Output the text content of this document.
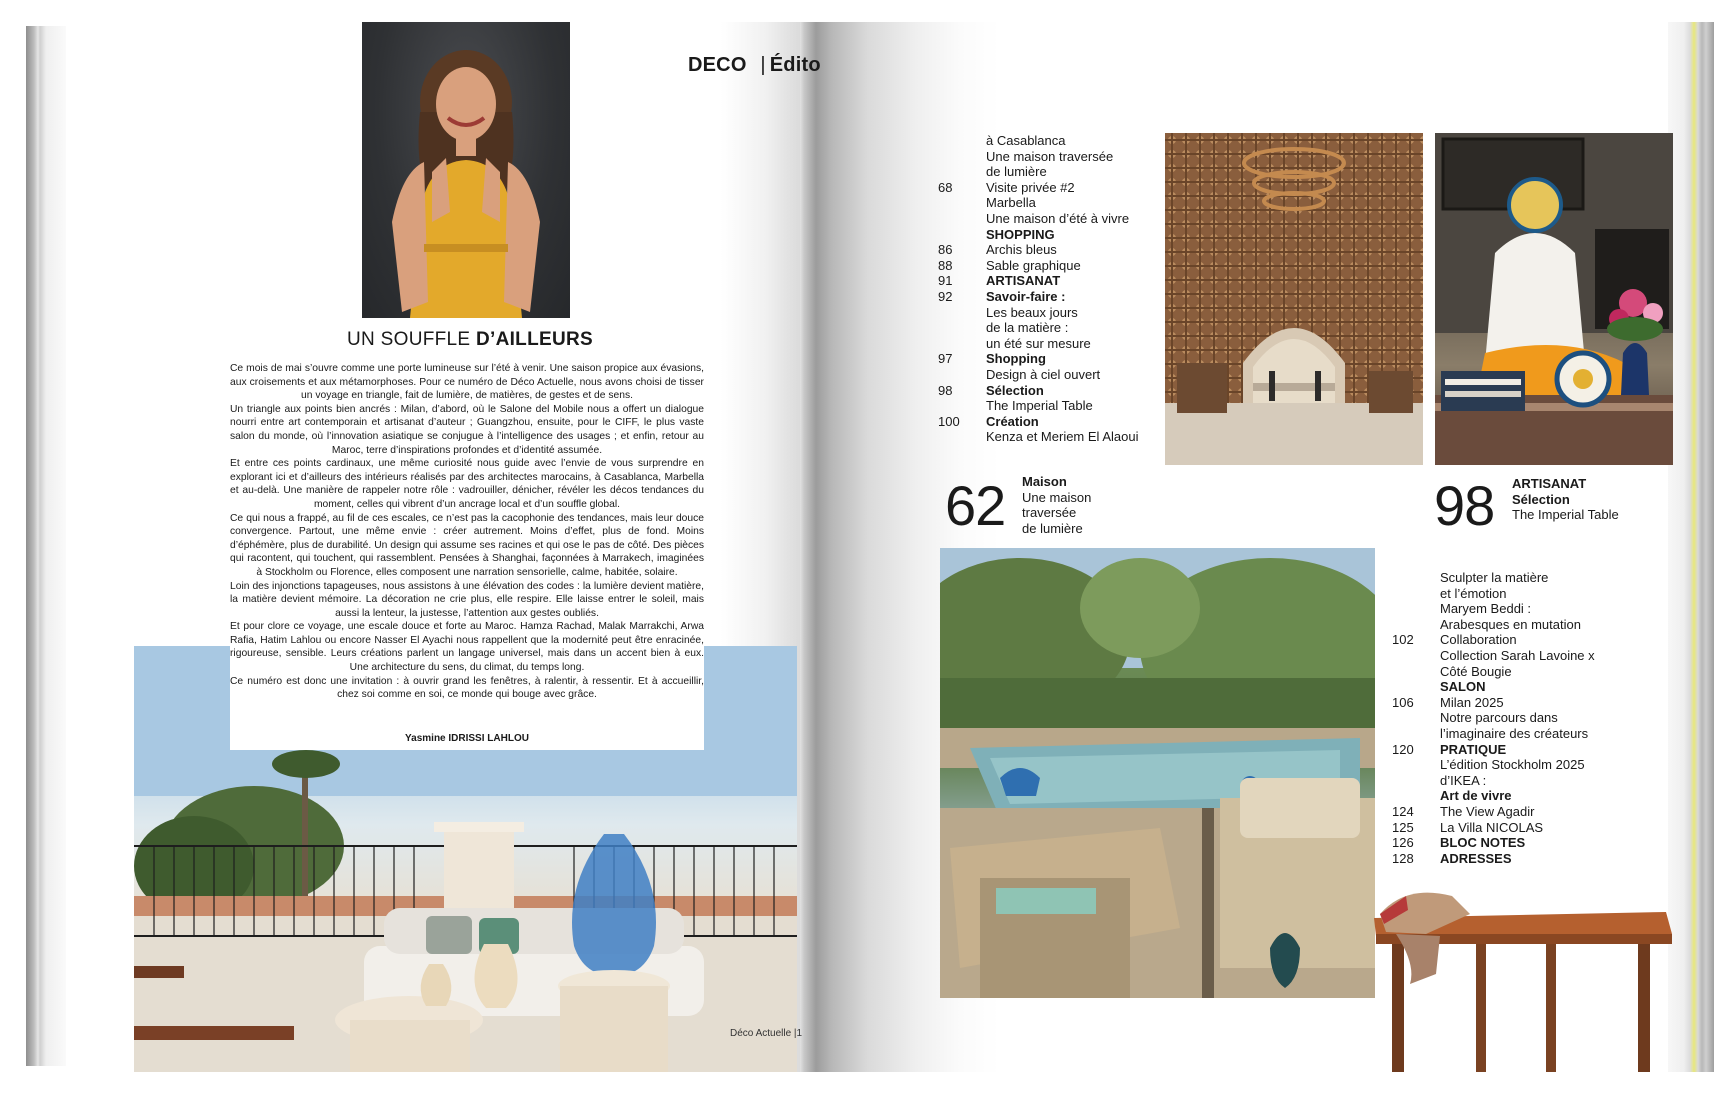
DECO | Édito
UN SOUFFLE D’AILLEURS

Ce mois de mai s’ouvre comme une porte lumineuse sur l’été à venir. Une saison propice aux évasions, aux croisements et aux métamorphoses. Pour ce numéro de Déco Actuelle, nous avons choisi de tisser un voyage en triangle, fait de lumière, de matières, de gestes et de sens.

Un triangle aux points bien ancrés : Milan, d’abord, où le Salone del Mobile nous a offert un dialogue nourri entre art contemporain et artisanat d’auteur ; Guangzhou, ensuite, pour le CIFF, le plus vaste salon du monde, où l’innovation asiatique se conjugue à l’intelligence des usages ; et enfin, retour au Maroc, terre d’inspirations profondes et d’identité assumée.

Et entre ces points cardinaux, une même curiosité nous guide avec l’envie de vous surprendre en explorant ici et d’ailleurs des intérieurs réalisés par des architectes marocains, à Casablanca, Marbella et au-delà. Une manière de rappeler notre rôle : vadrouiller, dénicher, révéler les décos tendances du moment, celles qui vibrent d’un ancrage local et d’un souffle global.

Ce qui nous a frappé, au fil de ces escales, ce n’est pas la cacophonie des tendances, mais leur douce convergence. Partout, une même envie : créer autrement. Moins d’effet, plus de fond. Moins d’éphémère, plus de durabilité. Un design qui assume ses racines et qui ose le pas de côté. Des pièces qui racontent, qui touchent, qui rassemblent. Pensées à Shanghai, façonnées à Marrakech, imaginées à Stockholm ou Florence, elles composent une narration sensorielle, calme, habitée, solaire.

Loin des injonctions tapageuses, nous assistons à une élévation des codes : la lumière devient matière, la matière devient mémoire. La décoration ne crie plus, elle respire. Elle laisse entrer le soleil, mais aussi la lenteur, la justesse, l’attention aux gestes oubliés.

Et pour clore ce voyage, une escale douce et forte au Maroc. Hamza Rachad, Malak Marrakchi, Arwa Rafia, Hatim Lahlou ou encore Nasser El Ayachi nous rappellent que la modernité peut être enracinée, rigoureuse, sensible. Leurs créations parlent un langage universel, mais dans un accent bien à eux. Une architecture du sens, du climat, du temps long.

Ce numéro est donc une invitation : à ouvrir grand les fenêtres, à ralentir, à ressentir. Et à accueillir, chez soi comme en soi, ce monde qui bouge avec grâce.

Yasmine IDRISSI LAHLOU
Déco Actuelle |1
à Casablanca
Une maison traversée
de lumière
68	Visite privée #2
Marbella
Une maison d’été à vivre
SHOPPING
86	Archis bleus
88	Sable graphique
91	ARTISANAT
92	Savoir-faire :
Les beaux jours
de la matière :
un été sur mesure
97	Shopping
Design à ciel ouvert
98	Sélection
The Imperial Table
100	Création
Kenza et Meriem El Alaoui
62 Maison
Une maison
traversée
de lumière	98 ARTISANAT
Sélection
The Imperial Table
Sculpter la matière
et l’émotion
Maryem Beddi :
Arabesques en mutation
102	Collaboration
Collection Sarah Lavoine x
Côté Bougie
SALON
106	Milan 2025
Notre parcours dans
l’imaginaire des créateurs
120	PRATIQUE
L’édition Stockholm 2025
d’IKEA :
Art de vivre
124	The View Agadir
125	La Villa NICOLAS
126	BLOC NOTES
128	ADRESSES
